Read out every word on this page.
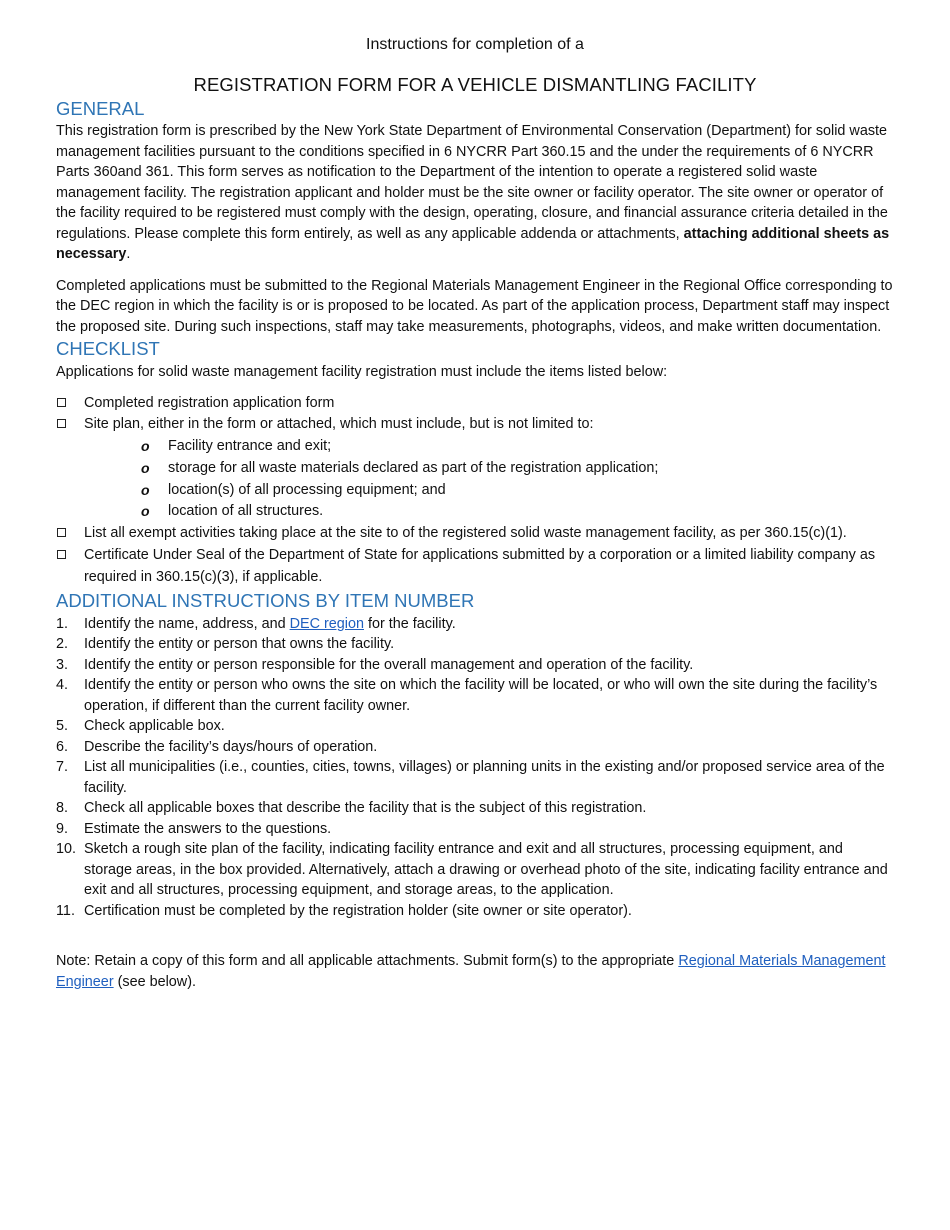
Instructions for completion of a

REGISTRATION FORM FOR A VEHICLE DISMANTLING FACILITY

GENERAL

This registration form is prescribed by the New York State Department of Environmental Conservation (Department) for solid waste management facilities pursuant to the conditions specified in 6 NYCRR Part 360.15 and the under the requirements of 6 NYCRR Parts 360and 361. This form serves as notification to the Department of the intention to operate a registered solid waste management facility. The registration applicant and holder must be the site owner or facility operator. The site owner or operator of the facility required to be registered must comply with the design, operating, closure, and financial assurance criteria detailed in the regulations. Please complete this form entirely, as well as any applicable addenda or attachments, attaching additional sheets as necessary.

Completed applications must be submitted to the Regional Materials Management Engineer in the Regional Office corresponding to the DEC region in which the facility is or is proposed to be located. As part of the application process, Department staff may inspect the proposed site. During such inspections, staff may take measurements, photographs, videos, and make written documentation.

CHECKLIST

Applications for solid waste management facility registration must include the items listed below:

Completed registration application form
Site plan, either in the form or attached, which must include, but is not limited to:
o Facility entrance and exit;
o storage for all waste materials declared as part of the registration application;
o location(s) of all processing equipment; and
o location of all structures.
List all exempt activities taking place at the site to of the registered solid waste management facility, as per 360.15(c)(1).
Certificate Under Seal of the Department of State for applications submitted by a corporation or a limited liability company as required in 360.15(c)(3), if applicable.
ADDITIONAL INSTRUCTIONS BY ITEM NUMBER
1. Identify the name, address, and DEC region for the facility.
2. Identify the entity or person that owns the facility.
3. Identify the entity or person responsible for the overall management and operation of the facility.
4. Identify the entity or person who owns the site on which the facility will be located, or who will own the site during the facility’s operation, if different than the current facility owner.
5. Check applicable box.
6. Describe the facility’s days/hours of operation.
7. List all municipalities (i.e., counties, cities, towns, villages) or planning units in the existing and/or proposed service area of the facility.
8. Check all applicable boxes that describe the facility that is the subject of this registration.
9. Estimate the answers to the questions.
10. Sketch a rough site plan of the facility, indicating facility entrance and exit and all structures, processing equipment, and storage areas, in the box provided. Alternatively, attach a drawing or overhead photo of the site, indicating facility entrance and exit and all structures, processing equipment, and storage areas, to the application.
11. Certification must be completed by the registration holder (site owner or site operator).

Note: Retain a copy of this form and all applicable attachments. Submit form(s) to the appropriate Regional Materials Management Engineer (see below).
